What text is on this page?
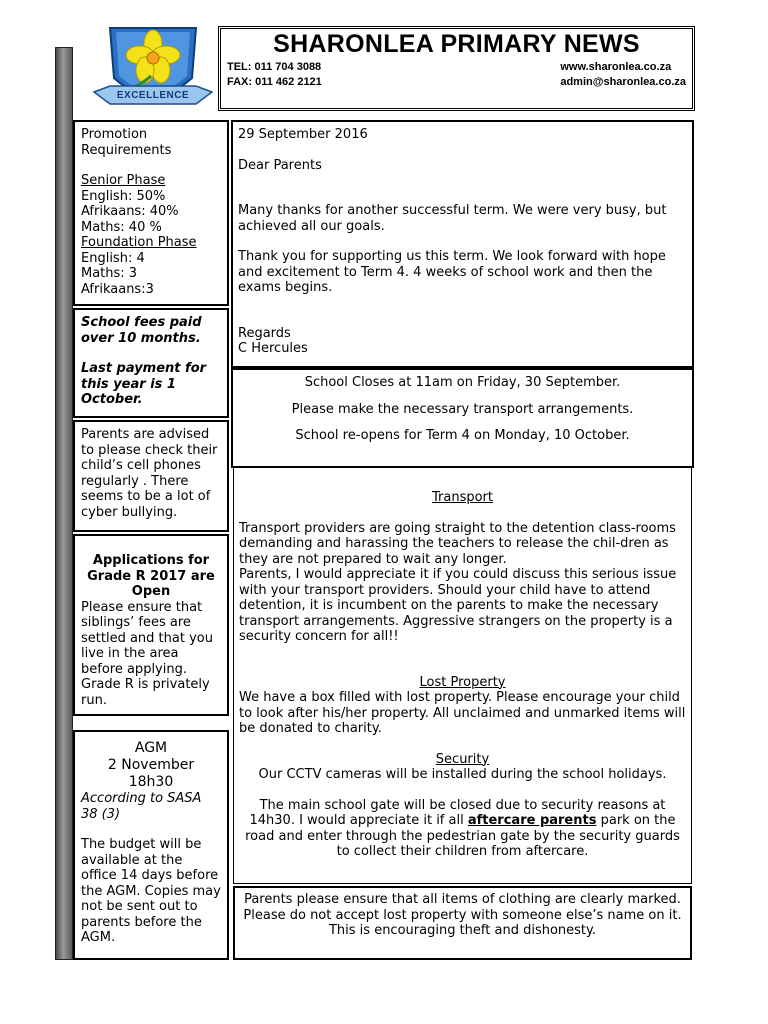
EXCELLENCE
SHARONLEA PRIMARY NEWS
TEL: 011 704 3088
FAX: 011 462 2121
www.sharonlea.co.za
admin@sharonlea.co.za

Promotion Requirements

Senior Phase

English: 50%

Afrikaans: 40%

Maths: 40 %

Foundation Phase

English: 4

Maths: 3

Afrikaans:3

School fees paid over 10 months.

Last payment for this year is 1 October.

Parents are advised to please check their child’s cell phones regularly . There seems to be a lot of cyber bullying.

Applications for Grade R 2017 are Open

Please ensure that siblings’ fees are settled and that you live in the area before applying. Grade R is privately run.

AGM

2 November

18h30

According to SASA 38 (3)

The budget will be available at the office 14 days before the AGM. Copies may not be sent out to parents before the AGM.

29 September 2016

Dear Parents

Many thanks for another successful term. We were very busy, but achieved all our goals.

Thank you for supporting us this term. We look forward with hope and excitement to Term 4. 4 weeks of school work and then the exams begins.

Regards

C Hercules

School Closes at 11am on Friday, 30 September.

Please make the necessary transport arrangements.

School re-opens for Term 4 on Monday, 10 October.

Transport

Transport providers are going straight to the detention class-rooms demanding and harassing the teachers to release the chil-dren as they are not prepared to wait any longer.

Parents, I would appreciate it if you could discuss this serious issue with your transport providers. Should your child have to attend detention, it is incumbent on the parents to make the necessary transport arrangements. Aggressive strangers on the property is a security concern for all!!

Lost Property

We have a box filled with lost property. Please encourage your child to look after his/her property. All unclaimed and unmarked items will be donated to charity.

Security

Our CCTV cameras will be installed during the school holidays.

The main school gate will be closed due to security reasons at 14h30. I would appreciate it if all aftercare parents park on the road and enter through the pedestrian gate by the security guards to collect their children from aftercare.

Parents please ensure that all items of clothing are clearly marked. Please do not accept lost property with someone else’s name on it. This is encouraging theft and dishonesty.
